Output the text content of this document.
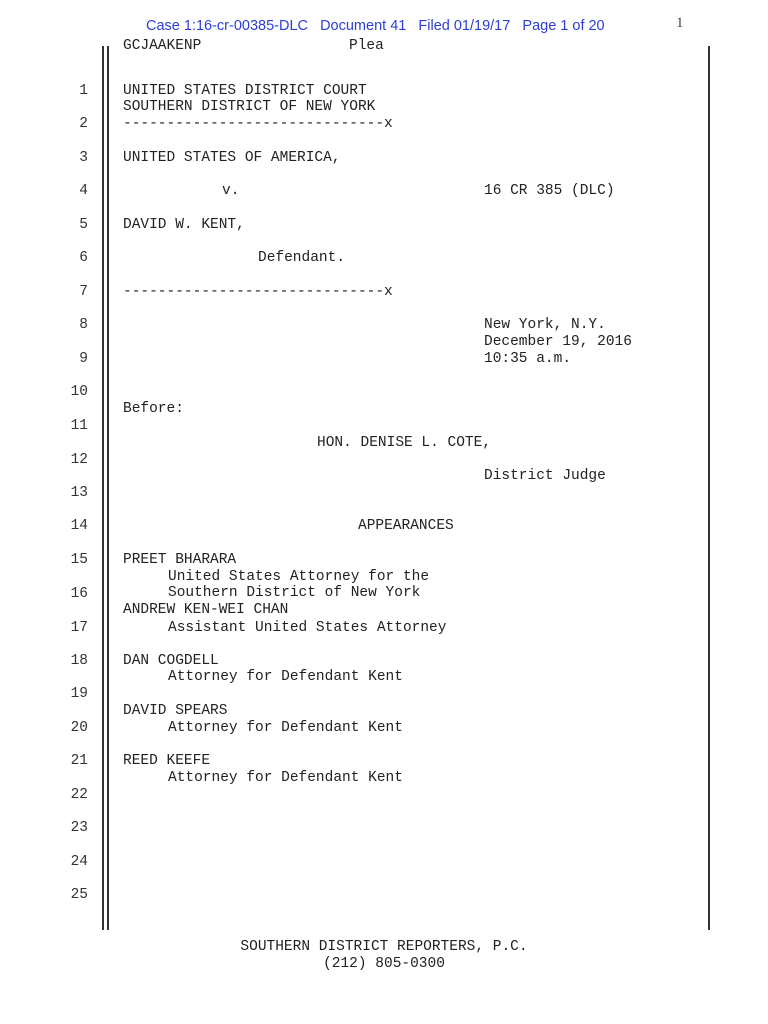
Case 1:16-cr-00385-DLC   Document 41   Filed 01/19/17   Page 1 of 20	1
GCJAAKENP	Plea
1
2
3
4
5
6
7
8
9
10
11
12
13
14
15
16
17
18
19
20
21
22
23
24
25
UNITED STATES DISTRICT COURT
SOUTHERN DISTRICT OF NEW YORK
------------------------------x
UNITED STATES OF AMERICA,
v.	16 CR 385 (DLC)
DAVID W. KENT,
Defendant.
------------------------------x
New York, N.Y.
December 19, 2016
10:35 a.m.
Before:
HON. DENISE L. COTE,
District Judge
APPEARANCES
PREET BHARARA
United States Attorney for the
Southern District of New York
ANDREW KEN-WEI CHAN
Assistant United States Attorney
DAN COGDELL
Attorney for Defendant Kent
DAVID SPEARS
Attorney for Defendant Kent
REED KEEFE
Attorney for Defendant Kent
SOUTHERN DISTRICT REPORTERS, P.C.
(212) 805-0300
